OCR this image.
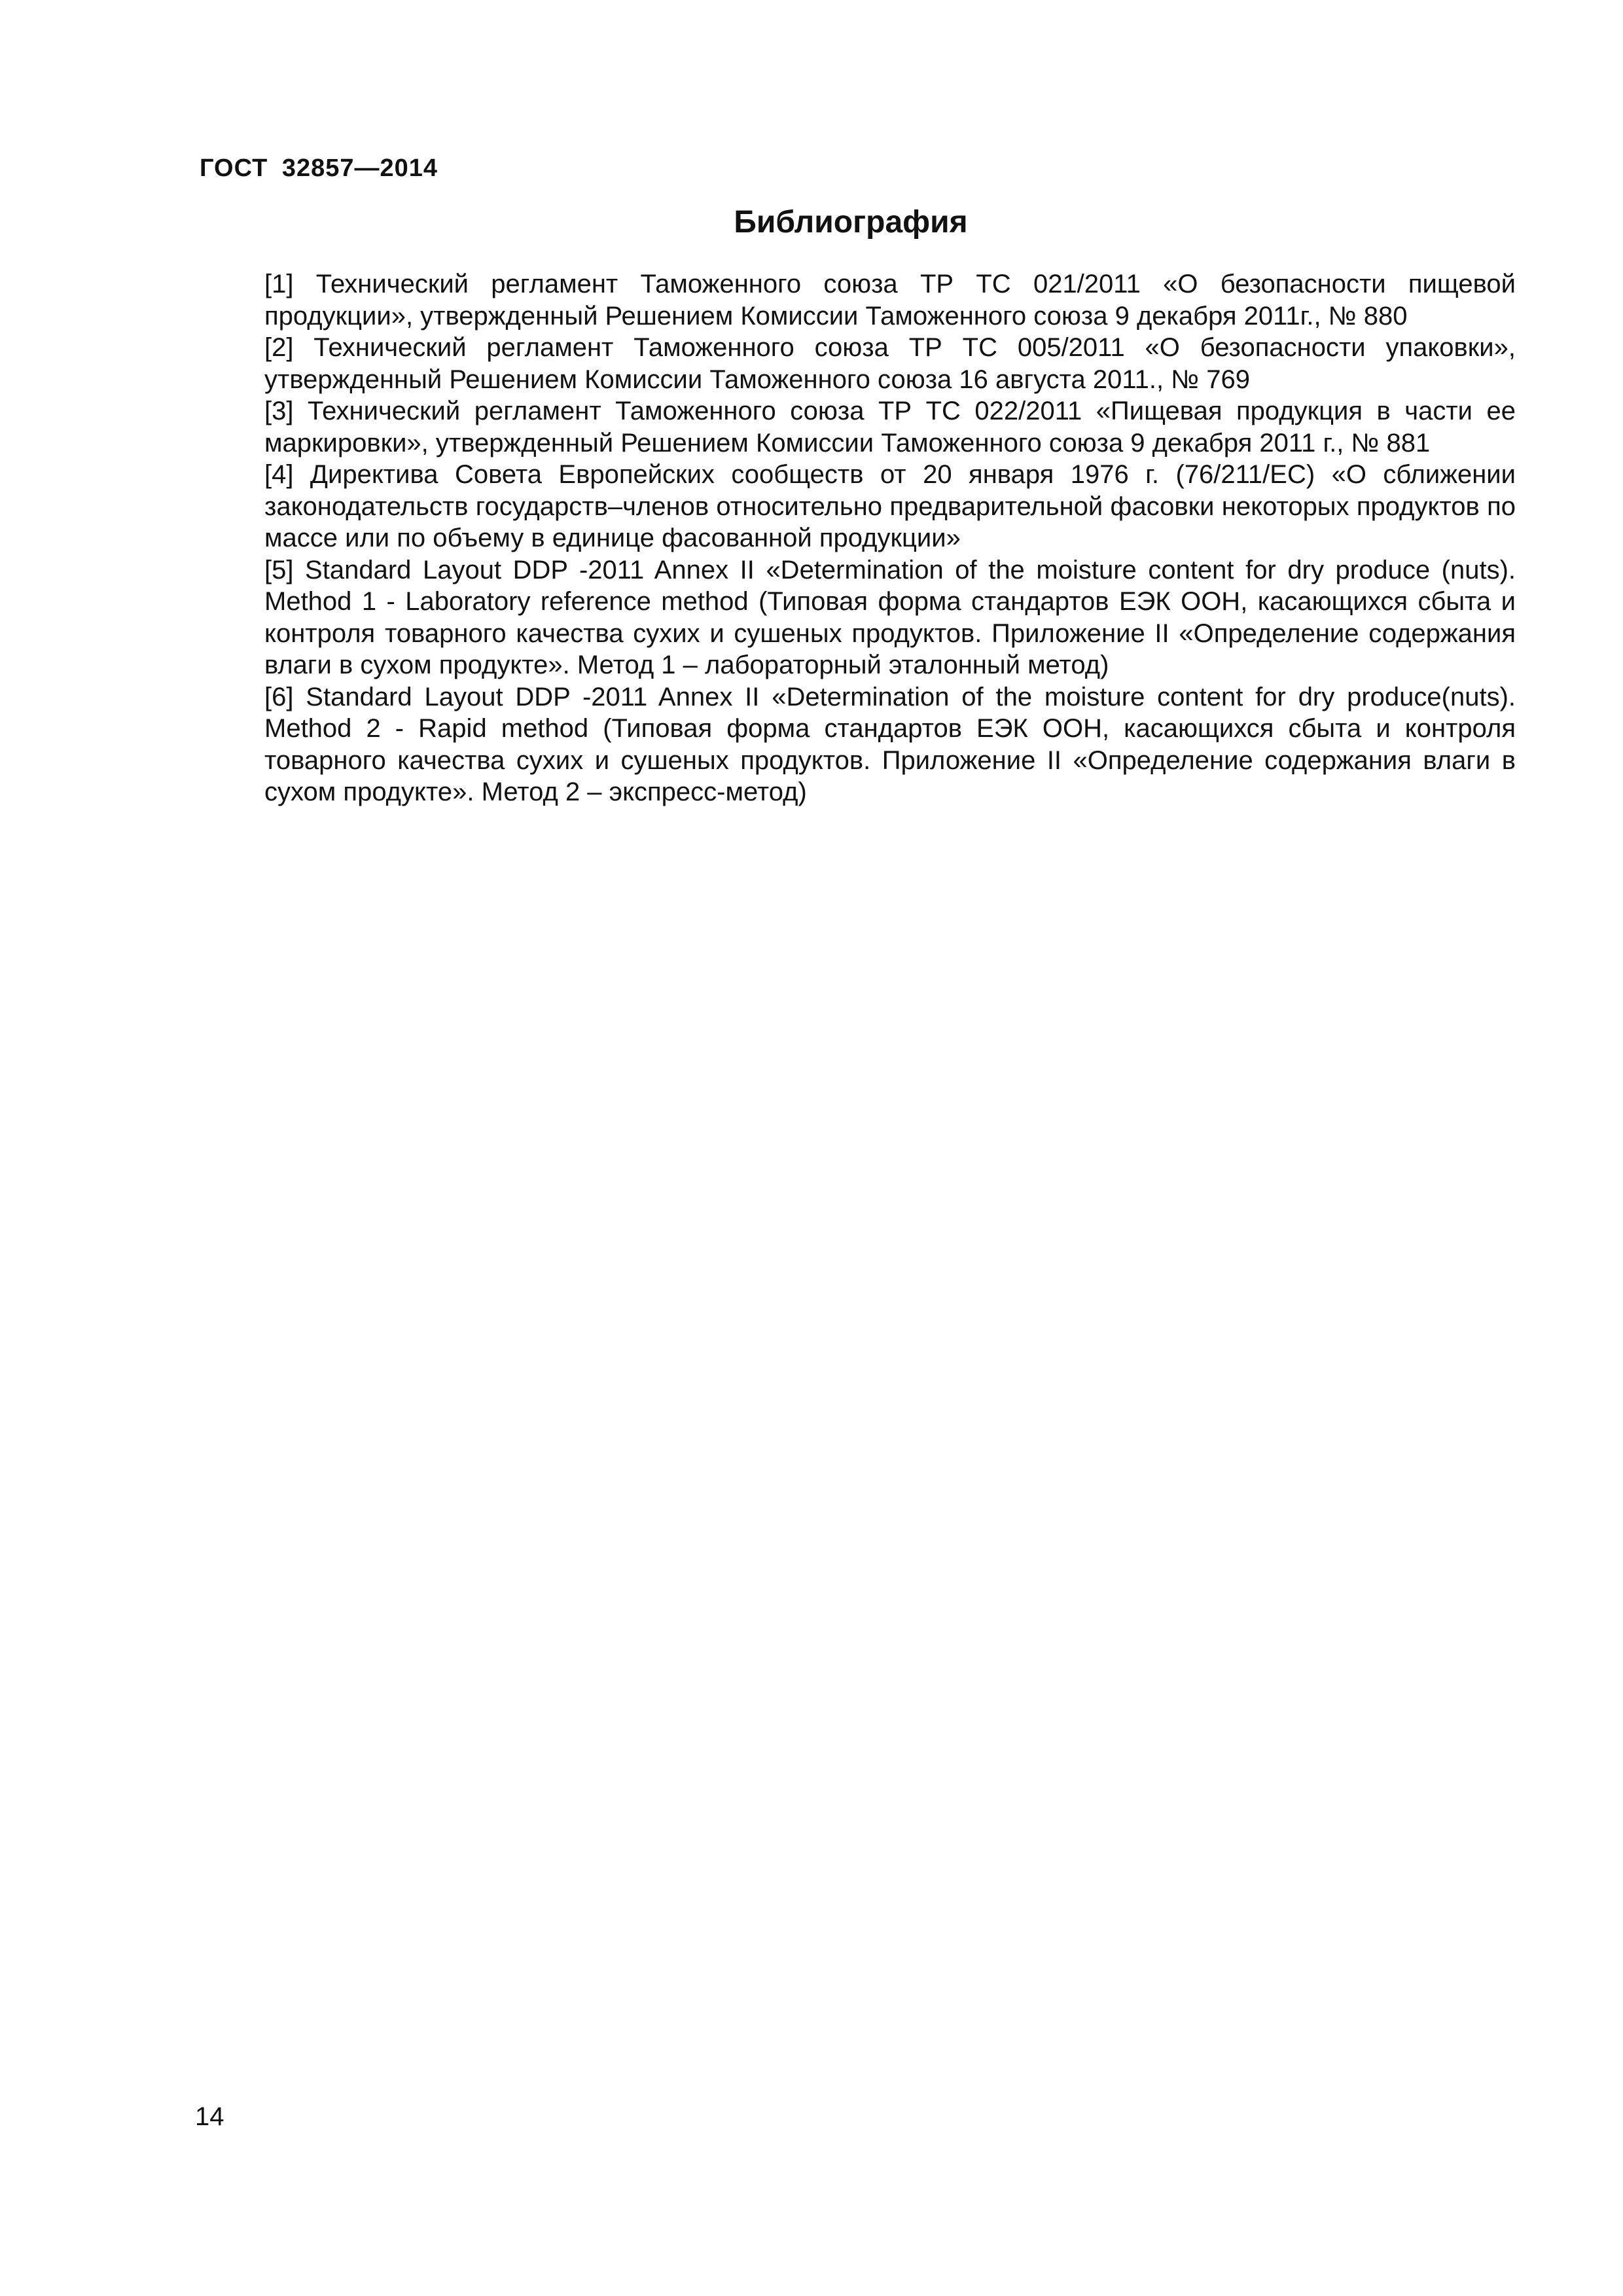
ГОСТ 32857—2014
Библиография

[1] Технический регламент Таможенного союза ТР ТС 021/2011 «О безопасности пищевой продукции», утвержденный Решением Комиссии Таможенного союза 9 декабря 2011г., № 880

[2] Технический регламент Таможенного союза ТР ТС 005/2011 «О безопасности упаковки», утвержденный Решением Комиссии Таможенного союза 16 августа 2011., № 769

[3] Технический регламент Таможенного союза ТР ТС 022/2011 «Пищевая продукция в части ее маркировки», утвержденный Решением Комиссии Таможенного союза 9 декабря 2011 г., № 881

[4] Директива Совета Европейских сообществ от 20 января 1976 г. (76/211/ЕС) «О сближении законодательств государств–членов относительно предварительной фасовки некоторых продуктов по массе или по объему в единице фасованной продукции»

[5] Standard Layout DDP -2011 Annex II «Determination of the moisture content for dry produce (nuts). Method 1 - Laboratory reference method (Типовая форма стандартов ЕЭК ООН, касающихся сбыта и контроля товарного качества сухих и сушеных продуктов. Приложение II «Определение содержания влаги в сухом продукте». Метод 1 – лабораторный эталонный метод)

[6] Standard Layout DDP -2011 Annex II «Determination of the moisture content for dry produce(nuts). Method 2 - Rapid method (Типовая форма стандартов ЕЭК ООН, касающихся сбыта и контроля товарного качества сухих и сушеных продуктов. Приложение II «Определение содержания влаги в сухом продукте». Метод 2 – экспресс-метод)

14
